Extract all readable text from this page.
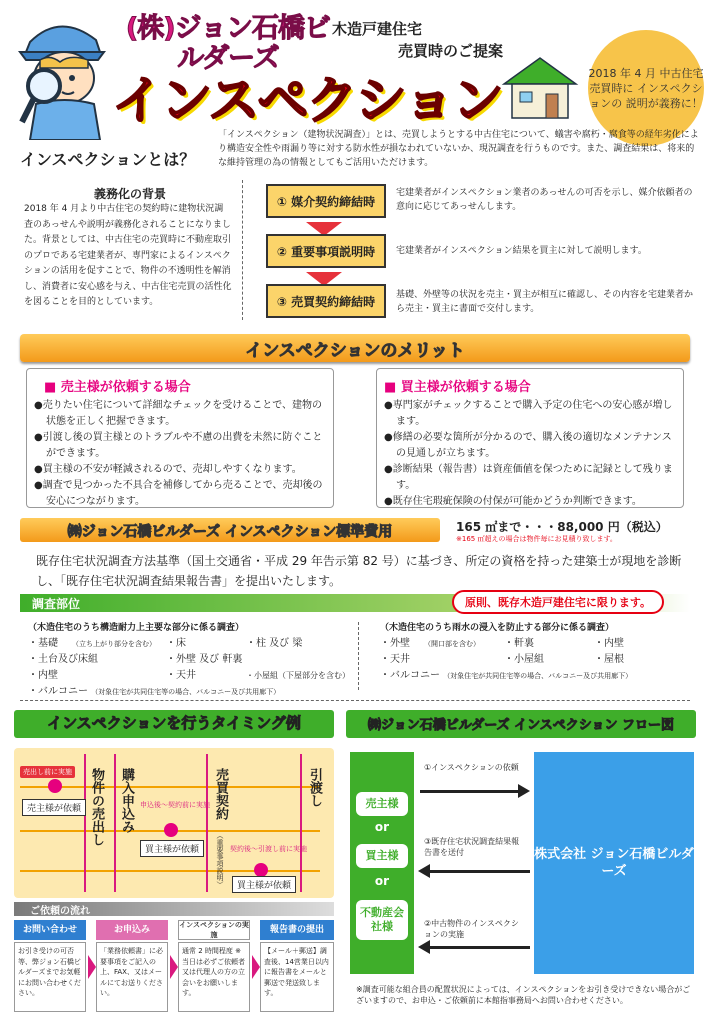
(株)ジョン石橋ビルダーズ
木造戸建住宅
売買時のご提案
インスペクション	2018 年 4 月 中古住宅売買時に インスペクションの 説明が義務に！
「インスペクション（建物状況調査）」とは、売買しようとする中古住宅について、蟻害や腐朽・腐食等の経年劣化により構造安全性や雨漏り等に対する防水性が損なわれていないか、現況調査を行うものです。また、調査結果は、将来的な維持管理の為の情報としてもご活用いただけます。
インスペクションとは？
義務化の背景
2018 年 4 月より中古住宅の契約時に建物状況調査のあっせんや説明が義務化されることになりました。背景としては、中古住宅の売買時に不動産取引のプロである宅建業者が、専門家によるインスペクションの活用を促すことで、物件の不透明性を解消し、消費者に安心感を与え、中古住宅売買の活性化を図ることを目的としています。
① 媒介契約締結時
② 重要事項説明時
③ 売買契約締結時
宅建業者がインスペクション業者のあっせんの可否を示し、媒介依頼者の意向に応じてあっせんします。
宅建業者がインスペクション結果を買主に対して説明します。
基礎、外壁等の状況を売主・買主が相互に確認し、その内容を宅建業者から売主・買主に書面で交付します。
インスペクションのメリット
■ 売主様が依頼する場合
●売りたい住宅について詳細なチェックを受けることで、建物の状態を正しく把握できます。
●引渡し後の買主様とのトラブルや不慮の出費を未然に防ぐことができます。
●買主様の不安が軽減されるので、売却しやすくなります。
●調査で見つかった不具合を補修してから売ることで、売却後の安心につながります。
■ 買主様が依頼する場合
●専門家がチェックすることで購入予定の住宅への安心感が増します。
●修繕の必要な箇所が分かるので、購入後の適切なメンテナンスの見通しが立ちます。
●診断結果（報告書）は資産価値を保つために記録として残ります。
●既存住宅瑕疵保険の付保が可能かどうか判断できます。
㈱ジョン石橋ビルダーズ インスペクション標準費用	165 ㎡まで・・・88,000 円（税込）
※165 ㎡超えの場合は物件毎にお見積り致します。
既存住宅状況調査方法基準（国土交通省・平成 29 年告示第 82 号）に基づき、所定の資格を持った建築士が現地を診断し、「既存住宅状況調査結果報告書」を提出いたします。
調査部位	原則、既存木造戸建住宅に限ります。
（木造住宅のうち構造耐力上主要な部分に係る調査）
・基礎	（立ち上がり部分を含む）	・床	・柱 及び 梁
・土台及び床組	・外壁 及び 軒裏
・内壁	・天井	・小屋組（下屋部分を含む）
・バルコニー （対象住宅が共同住宅等の場合、バルコニー及び共用廊下）
（木造住宅のうち雨水の浸入を防止する部分に係る調査）
・外壁	（開口部を含む）	・軒裏	・内壁
・天井	・小屋組	・屋根
・バルコニー （対象住宅が共同住宅等の場合、バルコニー及び共用廊下）
インスペクションを行うタイミング例
物件の売出し 購入申込み	売買契約
（重要事項説明）
引渡し
売出し前に実施
売主様が依頼	申込後〜契約前に実施
買主様が依頼	契約後〜引渡し前に実施
買主様が依頼
ご依頼の流れ
お問い合わせ
お引き受けの可否等、弊ジョン石橋ビルダーズまでお気軽にお問い合わせください。
お申込み
「業務依頼書」に必要事項をご記入の上、FAX、又はメールにてお送りください。
インスペクションの実施
通常 2 時間程度 ※当日は必ずご依頼者又は代理人の方の立会いをお願いします。
報告書の提出
【メール＋郵送】調査後、14営業日以内に報告書をメールと郵送で発送致します。
㈱ジョン石橋ビルダーズ インスペクション フロー図
売主様
or
買主様
or
不動産会社様
株式会社 ジョン石橋ビルダーズ
①インスペクションの依頼
③既存住宅状況調査結果報告書を送付
②中古物件のインスペクションの実施
※調査可能な組合員の配置状況によっては、インスペクションをお引き受けできない場合がございますので、お申込・ご依頼前に本館指事務局へお問い合わせください。
